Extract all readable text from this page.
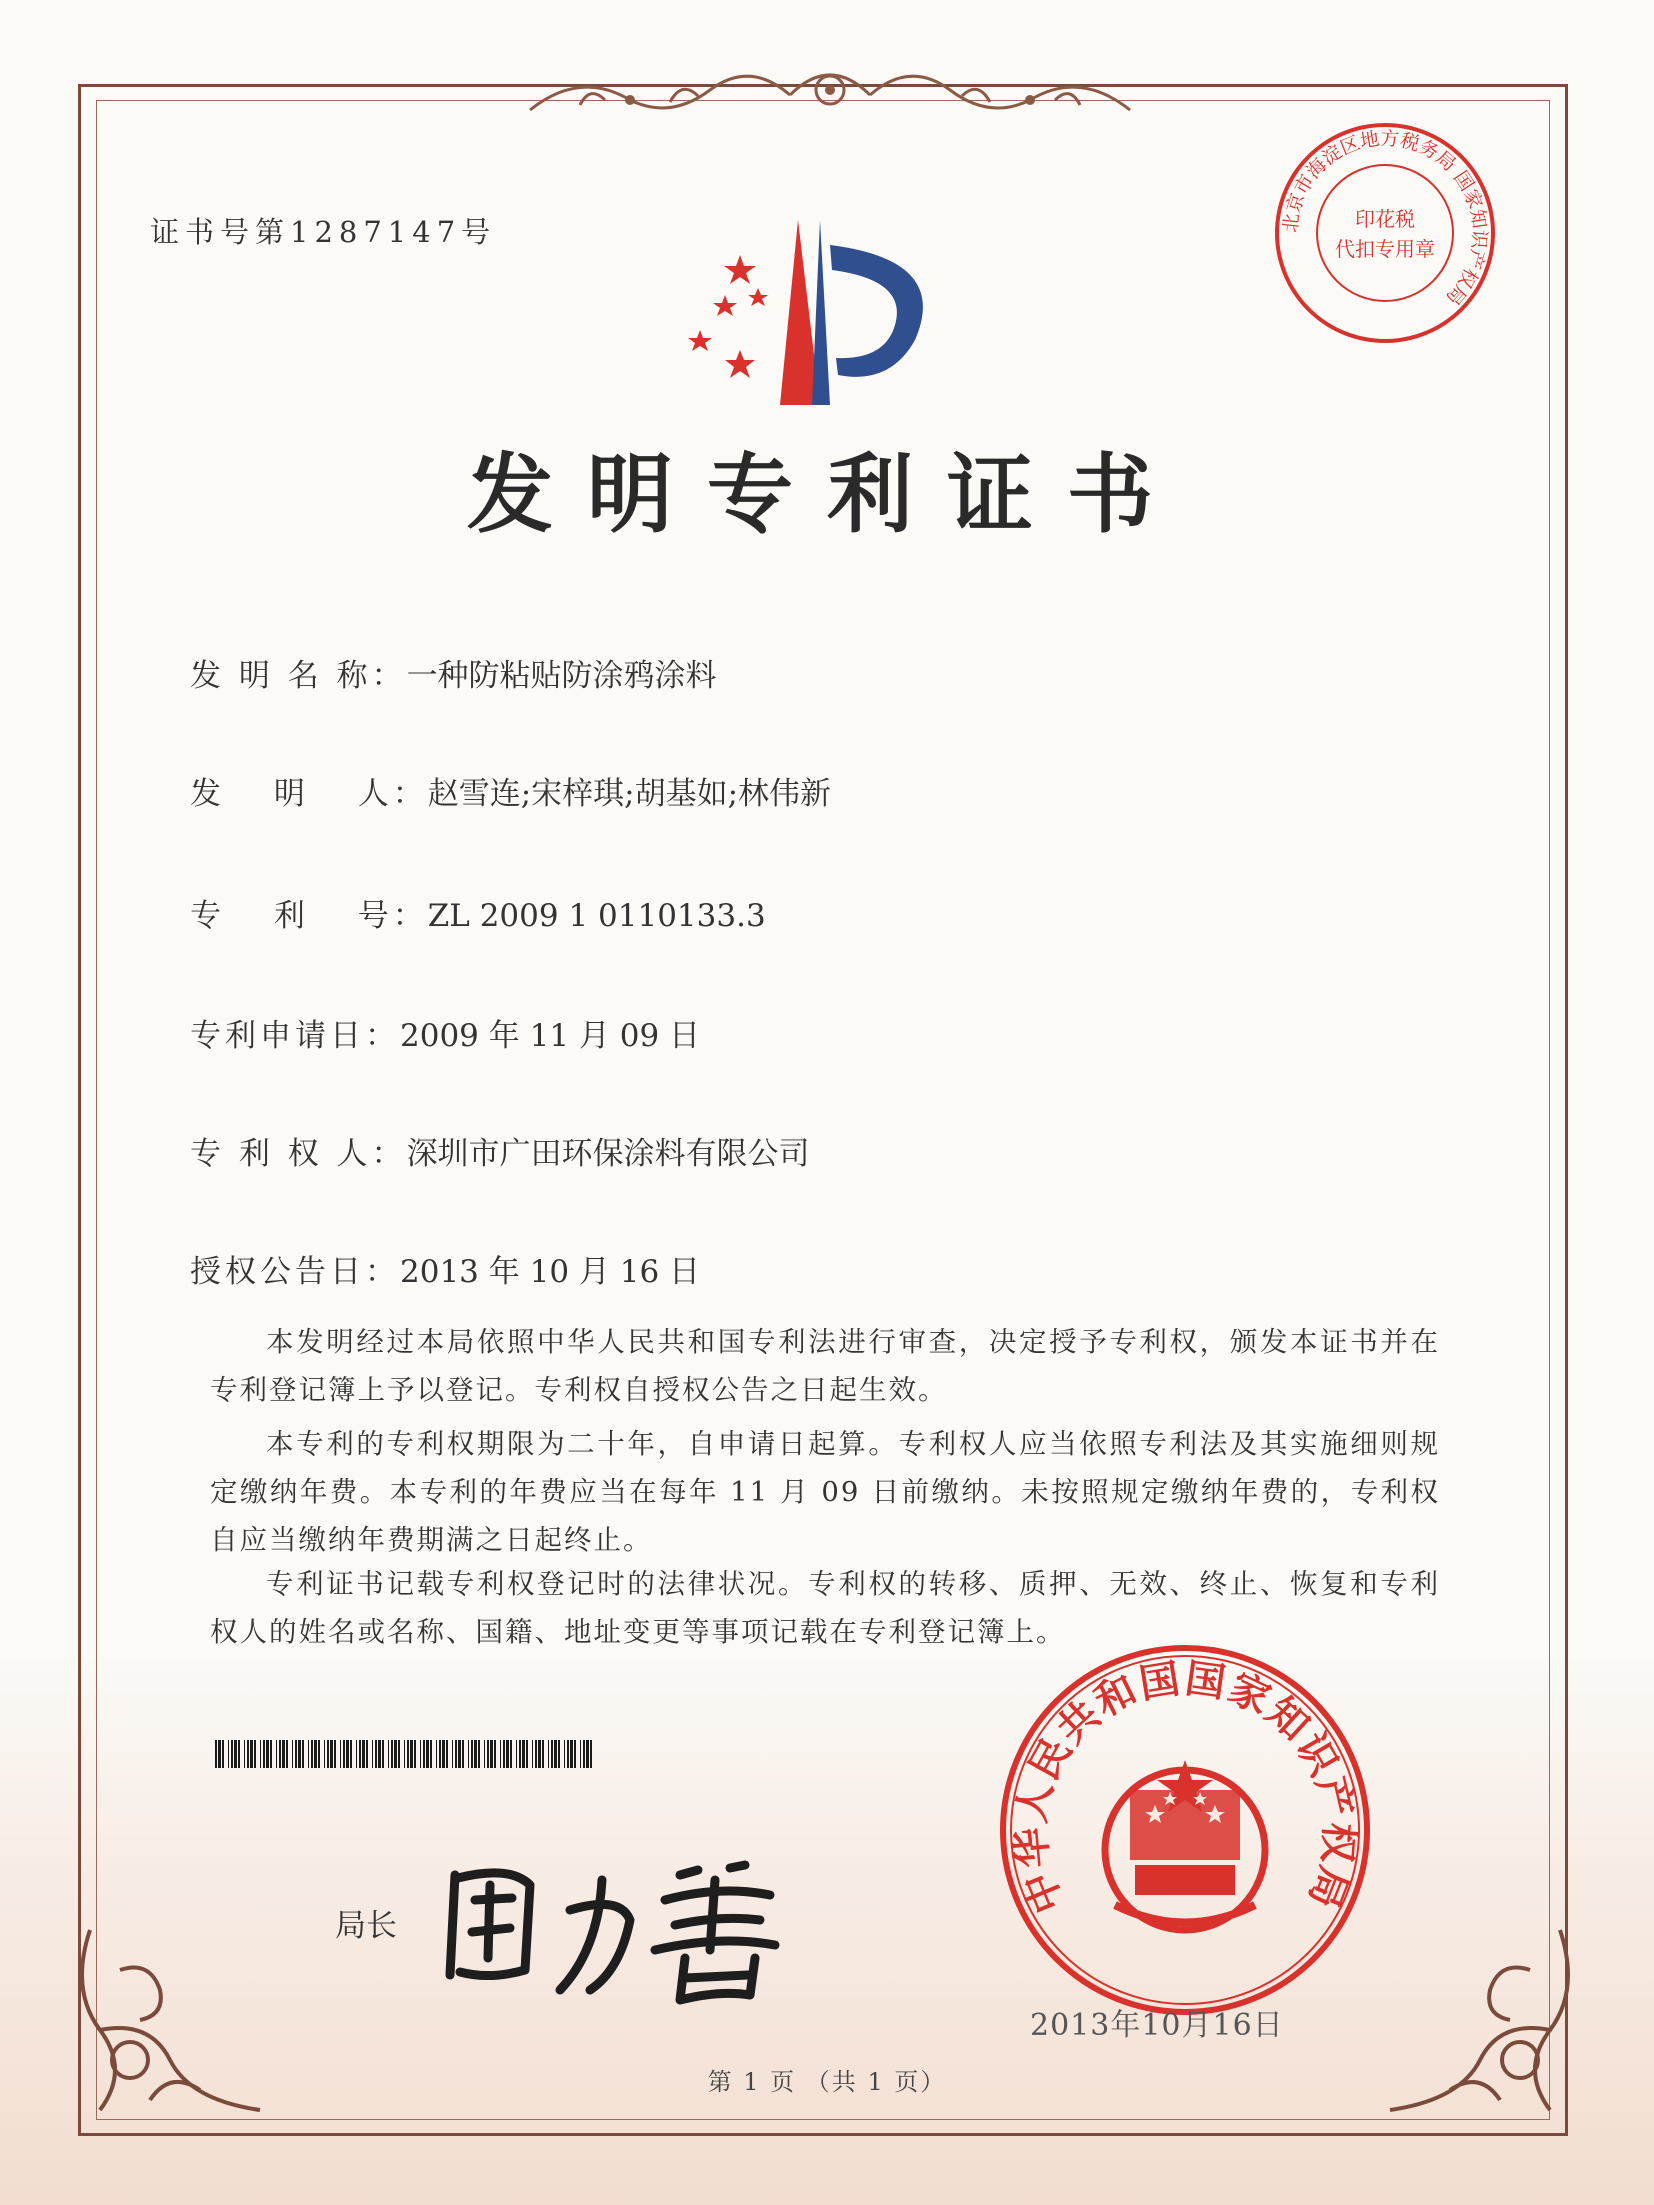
证书号第1287147号	北京市海淀区地方税务局 国家知识产权局
印花税
代扣专用章
发明专利证书
发 明 名 称：一种防粘贴防涂鸦涂料
发　 明　 人：赵雪连;宋梓琪;胡基如;林伟新
专　 利　 号：ZL 2009 1 0110133.3
专利申请日：2009 年 11 月 09 日
专 利 权 人：深圳市广田环保涂料有限公司
授权公告日：2013 年 10 月 16 日
本发明经过本局依照中华人民共和国专利法进行审查，决定授予专利权，颁发本证书并在专利登记簿上予以登记。专利权自授权公告之日起生效。
本专利的专利权期限为二十年，自申请日起算。专利权人应当依照专利法及其实施细则规定缴纳年费。本专利的年费应当在每年 11 月 09 日前缴纳。未按照规定缴纳年费的，专利权自应当缴纳年费期满之日起终止。
专利证书记载专利权登记时的法律状况。专利权的转移、质押、无效、终止、恢复和专利权人的姓名或名称、国籍、地址变更等事项记载在专利登记簿上。
局长
中华人民共和国国家知识产权局
2013年10月16日
第 1 页 （共 1 页）
